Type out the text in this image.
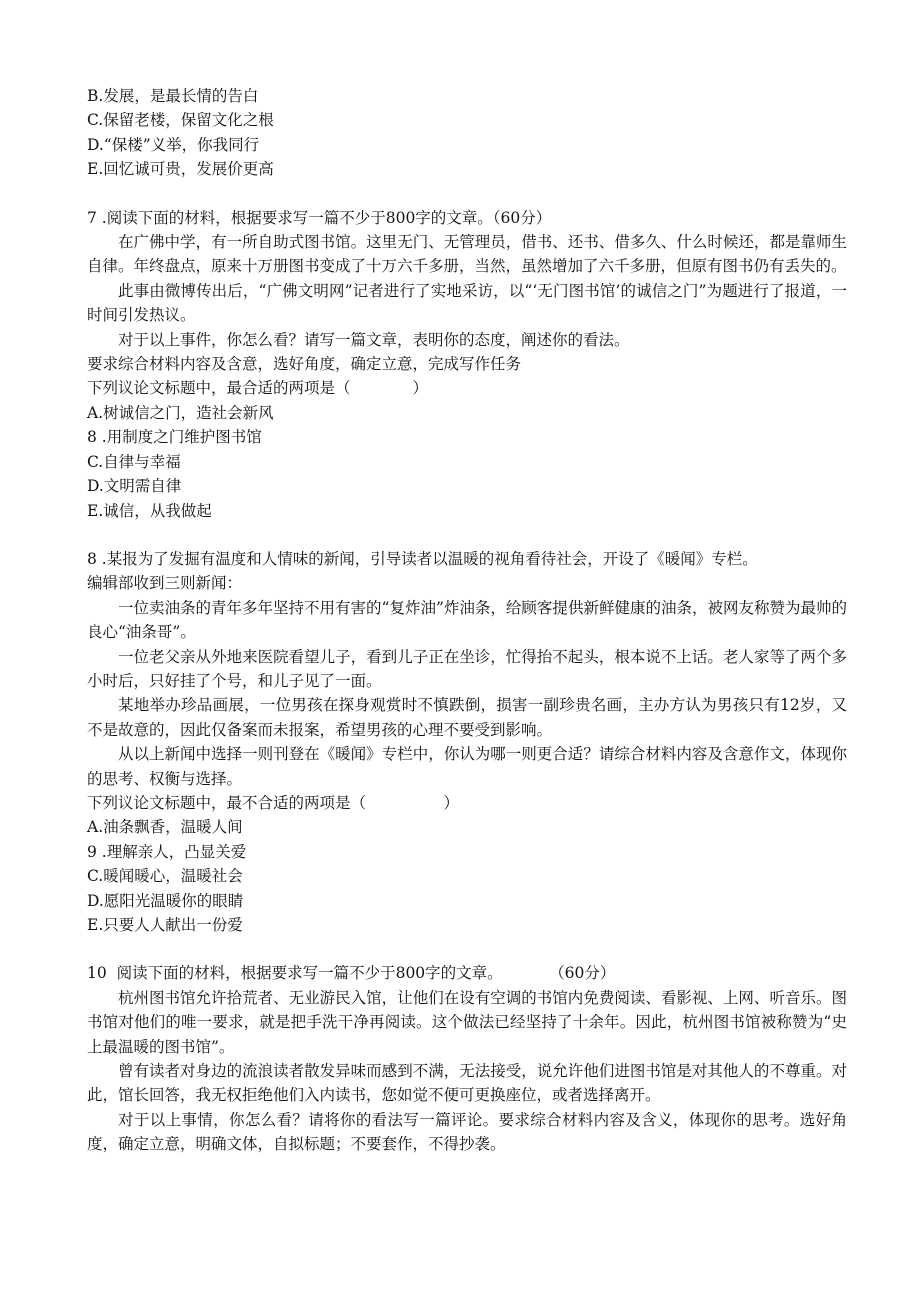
B.发展，是最长情的告白
C.保留老楼，保留文化之根
D.“保楼”义举，你我同行
E.回忆诚可贵，发展价更高
7 .阅读下面的材料，根据要求写一篇不少于800字的文章。（60分）
在广佛中学，有一所自助式图书馆。这里无门、无管理员，借书、还书、借多久、什么时候还，都是靠师生自律。年终盘点，原来十万册图书变成了十万六千多册，当然，虽然增加了六千多册，但原有图书仍有丢失的。
此事由微博传出后，“广佛文明网”记者进行了实地采访，以“‘无门图书馆’的诚信之门”为题进行了报道，一时间引发热议。
对于以上事件，你怎么看？请写一篇文章，表明你的态度，阐述你的看法。
要求综合材料内容及含意，选好角度，确定立意，完成写作任务
下列议论文标题中，最合适的两项是（　　　　）
A.树诚信之门，造社会新风
8 .用制度之门维护图书馆
C.自律与幸福
D.文明需自律
E.诚信，从我做起
8 .某报为了发掘有温度和人情味的新闻，引导读者以温暖的视角看待社会，开设了《暖闻》专栏。
编辑部收到三则新闻：
一位卖油条的青年多年坚持不用有害的“复炸油”炸油条，给顾客提供新鲜健康的油条，被网友称赞为最帅的良心“油条哥”。
一位老父亲从外地来医院看望儿子，看到儿子正在坐诊，忙得抬不起头，根本说不上话。老人家等了两个多小时后，只好挂了个号，和儿子见了一面。
某地举办珍品画展，一位男孩在探身观赏时不慎跌倒，损害一副珍贵名画，主办方认为男孩只有12岁，又不是故意的，因此仅备案而未报案，希望男孩的心理不要受到影响。
从以上新闻中选择一则刊登在《暖闻》专栏中，你认为哪一则更合适？请综合材料内容及含意作文，体现你的思考、权衡与选择。
下列议论文标题中，最不合适的两项是（　　　　　）
A.油条飘香，温暖人间
9 .理解亲人，凸显关爱
C.暖闻暖心，温暖社会
D.愿阳光温暖你的眼睛
E.只要人人献出一份爱
10  阅读下面的材料，根据要求写一篇不少于800字的文章。　　　　（60分）
杭州图书馆允许拾荒者、无业游民入馆，让他们在设有空调的书馆内免费阅读、看影视、上网、听音乐。图书馆对他们的唯一要求，就是把手洗干净再阅读。这个做法已经坚持了十余年。因此，杭州图书馆被称赞为“史上最温暖的图书馆”。
曾有读者对身边的流浪读者散发异味而感到不满，无法接受，说允许他们进图书馆是对其他人的不尊重。对此，馆长回答，我无权拒绝他们入内读书，您如觉不便可更换座位，或者选择离开。
对于以上事情，你怎么看？请将你的看法写一篇评论。要求综合材料内容及含义，体现你的思考。选好角度，确定立意，明确文体，自拟标题；不要套作，不得抄袭。
